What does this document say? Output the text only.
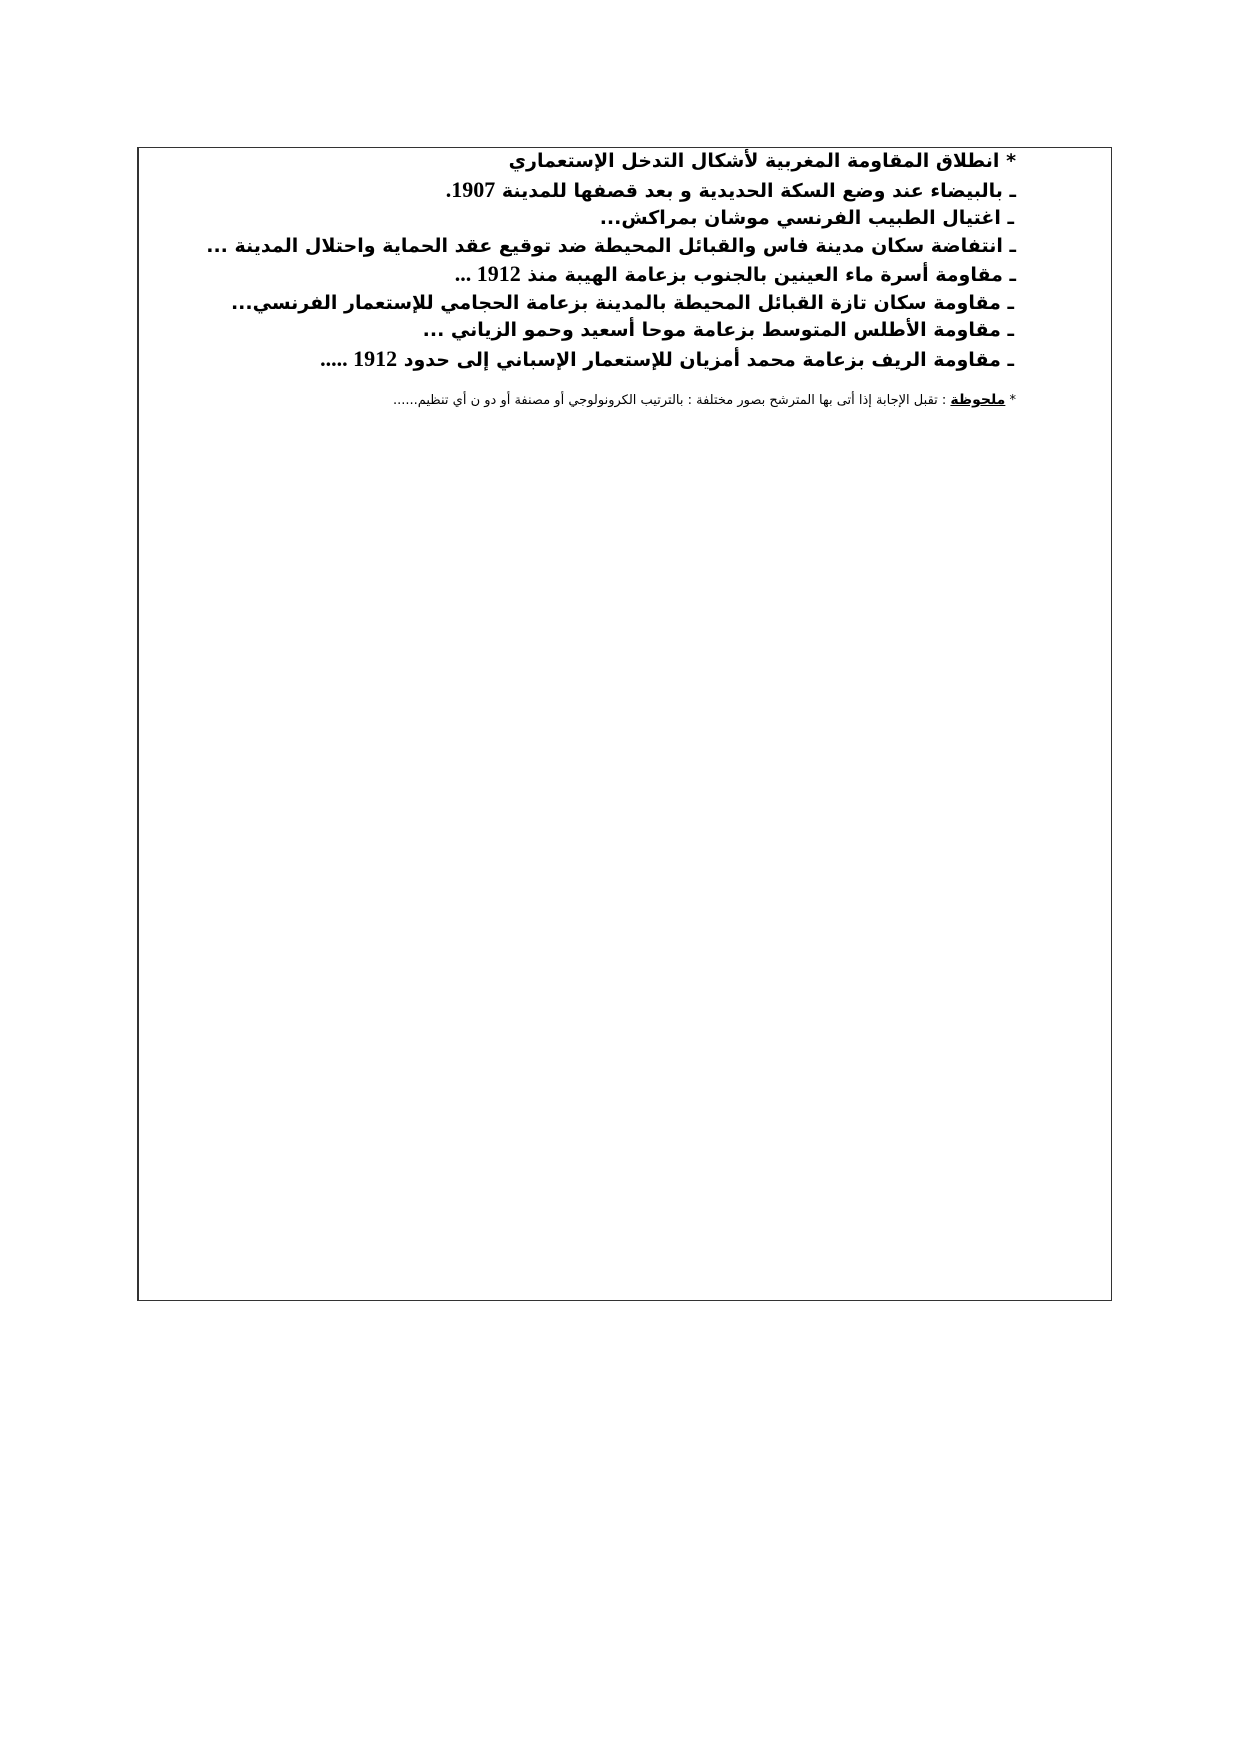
* انطلاق المقاومة المغربية لأشكال التدخل الإستعماري
ـ بالبيضاء عند وضع السكة الحديدية و بعد قصفها للمدينة 1907.
ـ اغتيال الطبيب الفرنسي موشان بمراكش...
ـ انتفاضة سكان مدينة فاس والقبائل المحيطة ضد توقيع عقد الحماية واحتلال المدينة ...
ـ مقاومة أسرة ماء العينين بالجنوب بزعامة الهيبة منذ 1912 ...
ـ مقاومة سكان تازة القبائل المحيطة بالمدينة بزعامة الحجامي للإستعمار الفرنسي...
ـ مقاومة الأطلس المتوسط بزعامة موحا أسعيد وحمو الزياني ...
ـ مقاومة الريف بزعامة محمد أمزيان للإستعمار الإسباني إلى حدود 1912 .....
* ملحوظة : تقبل الإجابة إذا أتى بها المترشح بصور مختلفة : بالترتيب الكرونولوجي أو مصنفة أو دو ن أي تنظيم......
